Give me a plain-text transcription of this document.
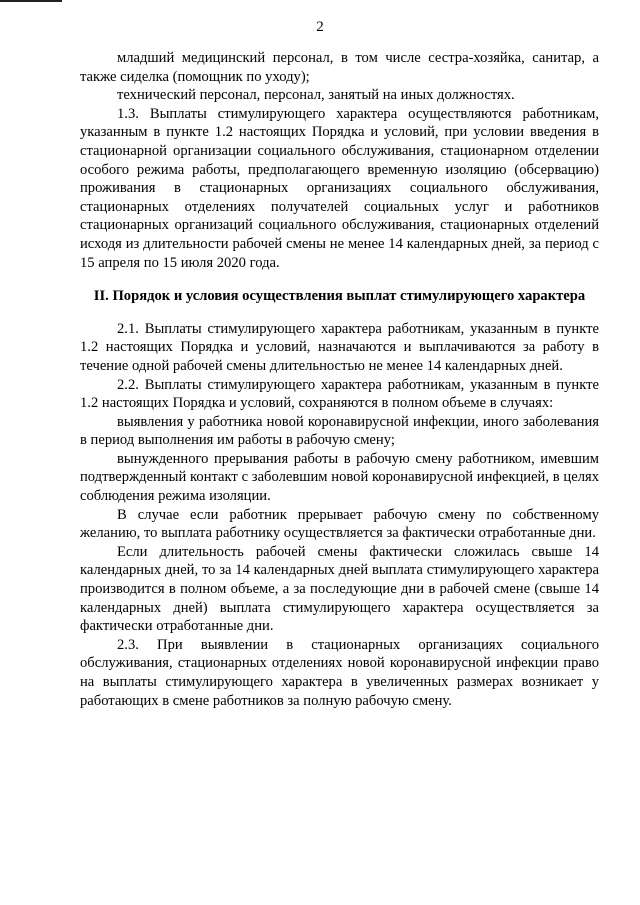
2

младший медицинский персонал, в том числе сестра-хозяйка, санитар, а также сиделка (помощник по уходу);

технический персонал, персонал, занятый на иных должностях.

1.3. Выплаты стимулирующего характера осуществляются работникам, указанным в пункте 1.2 настоящих Порядка и условий, при условии введения в стационарной организации социального обслуживания, стационарном отделении особого режима работы, предполагающего временную изоляцию (обсервацию) проживания в стационарных организациях социального обслуживания, стационарных отделениях получателей социальных услуг и работников стационарных организаций социального обслуживания, стационарных отделений исходя из длительности рабочей смены не менее 14 календарных дней, за период с 15 апреля по 15 июля 2020 года.

II. Порядок и условия осуществления выплат стимулирующего характера

2.1. Выплаты стимулирующего характера работникам, указанным в пункте 1.2 настоящих Порядка и условий, назначаются и выплачиваются за работу в течение одной рабочей смены длительностью не менее 14 календарных дней.

2.2. Выплаты стимулирующего характера работникам, указанным в пункте 1.2 настоящих Порядка и условий, сохраняются в полном объеме в случаях:

выявления у работника новой коронавирусной инфекции, иного заболевания в период выполнения им работы в рабочую смену;

вынужденного прерывания работы в рабочую смену работником, имевшим подтвержденный контакт с заболевшим новой коронавирусной инфекцией, в целях соблюдения режима изоляции.

В случае если работник прерывает рабочую смену по собственному желанию, то выплата работнику осуществляется за фактически отработанные дни.

Если длительность рабочей смены фактически сложилась свыше 14 календарных дней, то за 14 календарных дней выплата стимулирующего характера производится в полном объеме, а за последующие дни в рабочей смене (свыше 14 календарных дней) выплата стимулирующего характера осуществляется за фактически отработанные дни.

2.3. При выявлении в стационарных организациях социального обслуживания, стационарных отделениях новой коронавирусной инфекции право на выплаты стимулирующего характера в увеличенных размерах возникает у работающих в смене работников за полную рабочую смену.
